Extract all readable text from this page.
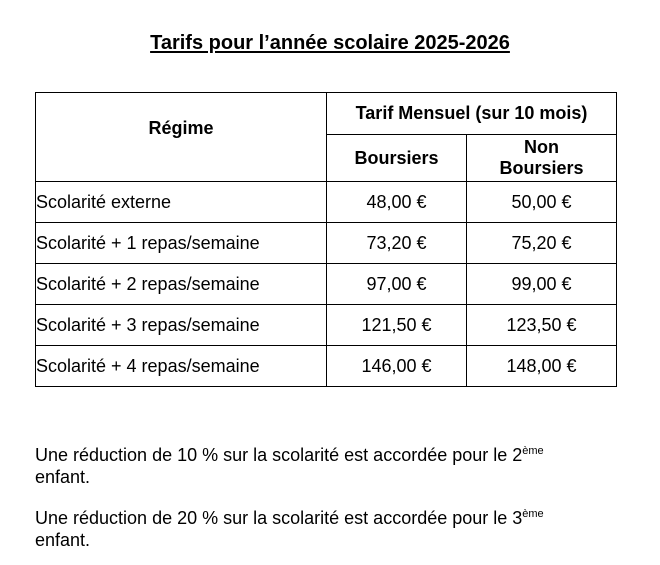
Tarifs pour l’année scolaire 2025-2026
Régime	Tarif Mensuel (sur 10 mois)	
	Boursiers	Non
Boursiers
Scolarité externe	48,00 €	50,00 €
Scolarité + 1 repas/semaine	73,20 €	75,20 €
Scolarité + 2 repas/semaine	97,00 €	99,00 €
Scolarité + 3 repas/semaine	121,50 €	123,50 €
Scolarité + 4 repas/semaine	146,00 €	148,00 €
Une réduction de 10 % sur la scolarité est accordée pour le 2ème
enfant.
Une réduction de 20 % sur la scolarité est accordée pour le 3ème
enfant.
